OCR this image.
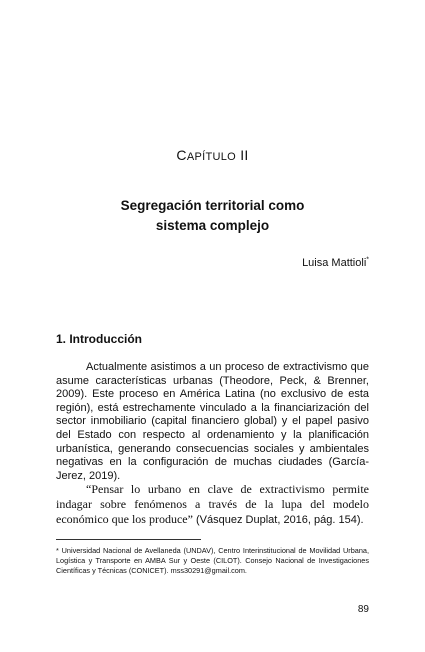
CAPÍTULO II
Segregación territorial como
sistema complejo
Luisa Mattioli*
1. Introducción

Actualmente asistimos a un proceso de extractivismo que asume características urbanas (Theodore, Peck, & Brenner, 2009). Este proceso en América Latina (no exclusivo de esta región), está estrechamente vinculado a la financiarización del sector inmobiliario (capital financiero global) y el papel pasivo del Estado con respecto al ordenamiento y la planificación urbanística, generando consecuencias sociales y ambientales negativas en la configuración de muchas ciudades (García-Jerez, 2019).

“Pensar lo urbano en clave de extractivismo permite indagar sobre fenómenos a través de la lupa del modelo económico que los produce” (Vásquez Duplat, 2016, pág. 154).

* Universidad Nacional de Avellaneda (UNDAV), Centro Interinstitucional de Movilidad Urbana, Logística y Transporte en AMBA Sur y Oeste (CILOT). Consejo Nacional de Investigaciones Científicas y Técnicas (CONICET). mss30291@gmail.com.
89
